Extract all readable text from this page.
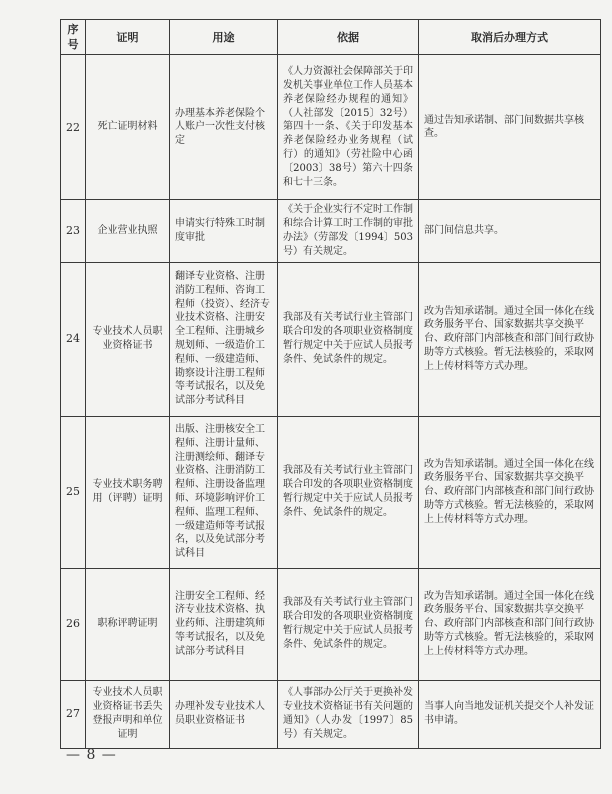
序号	证明	用途	依据	取消后办理方式
22	死亡证明材料	办理基本养老保险个人账户一次性支付核定	《人力资源社会保障部关于印发机关事业单位工作人员基本养老保险经办规程的通知》（人社部发〔2015〕32号）第四十一条、《关于印发基本养老保险经办业务规程（试行）的通知》（劳社险中心函〔2003〕38号）第六十四条和七十三条。	通过告知承诺制、部门间数据共享核查。
23	企业营业执照	申请实行特殊工时制度审批	《关于企业实行不定时工作制和综合计算工时工作制的审批办法》（劳部发〔1994〕503号）有关规定。	部门间信息共享。
24	专业技术人员职业资格证书	翻译专业资格、注册消防工程师、咨询工程师（投资）、经济专业技术资格、注册安全工程师、注册城乡规划师、一级造价工程师、一级建造师、勘察设计注册工程师等考试报名，以及免试部分考试科目	我部及有关考试行业主管部门联合印发的各项职业资格制度暂行规定中关于应试人员报考条件、免试条件的规定。	改为告知承诺制。通过全国一体化在线政务服务平台、国家数据共享交换平台、政府部门内部核查和部门间行政协助等方式核验。暂无法核验的，采取网上上传材料等方式办理。
25	专业技术职务聘用（评聘）证明	出版、注册核安全工程师、注册计量师、注册测绘师、翻译专业资格、注册消防工程师、注册设备监理师、环境影响评价工程师、监理工程师、一级建造师等考试报名，以及免试部分考试科目	我部及有关考试行业主管部门联合印发的各项职业资格制度暂行规定中关于应试人员报考条件、免试条件的规定。	改为告知承诺制。通过全国一体化在线政务服务平台、国家数据共享交换平台、政府部门内部核查和部门间行政协助等方式核验。暂无法核验的，采取网上上传材料等方式办理。
26	职称评聘证明	注册安全工程师、经济专业技术资格、执业药师、注册建筑师等考试报名，以及免试部分考试科目	我部及有关考试行业主管部门联合印发的各项职业资格制度暂行规定中关于应试人员报考条件、免试条件的规定。	改为告知承诺制。通过全国一体化在线政务服务平台、国家数据共享交换平台、政府部门内部核查和部门间行政协助等方式核验。暂无法核验的，采取网上上传材料等方式办理。
27	专业技术人员职业资格证书丢失登报声明和单位证明	办理补发专业技术人员职业资格证书	《人事部办公厅关于更换补发专业技术资格证书有关问题的通知》（人办发〔1997〕85号）有关规定。	当事人向当地发证机关提交个人补发证书申请。
— 8 —
